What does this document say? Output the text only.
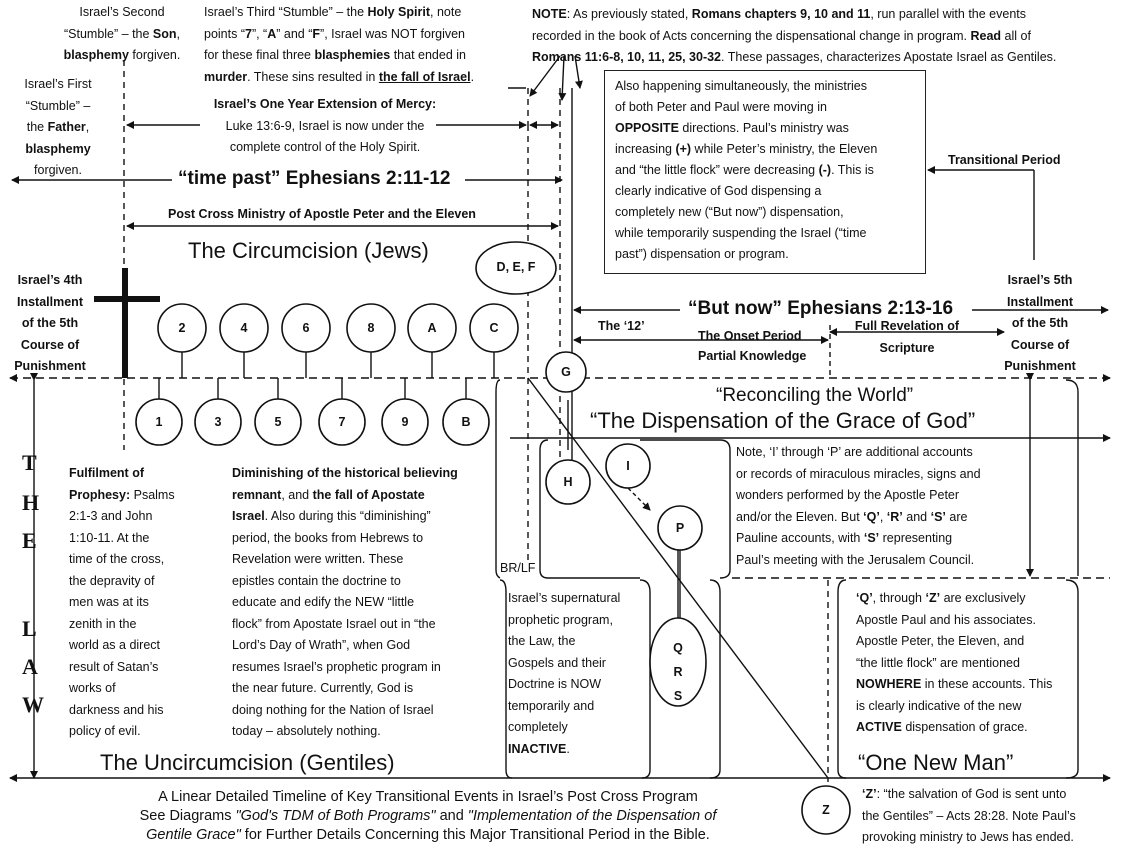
Israel’s Second
“Stumble” – the Son,
blasphemy forgiven.
Israel’s First
“Stumble” –
the Father,
blasphemy
forgiven.
Israel’s Third “Stumble” – the Holy Spirit, note
points “7”, “A” and “F”, Israel was NOT forgiven
for these final three blasphemies that ended in
murder. These sins resulted in the fall of Israel.
Israel’s One Year Extension of Mercy:
Luke 13:6-9, Israel is now under the
complete control of the Holy Spirit.
NOTE: As previously stated, Romans chapters 9, 10 and 11, run parallel with the events
recorded in the book of Acts concerning the dispensational change in program. Read all of
Romans 11:6-8, 10, 11, 25, 30-32. These passages, characterizes Apostate Israel as Gentiles.
Also happening simultaneously, the ministries
of both Peter and Paul were moving in
OPPOSITE directions. Paul’s ministry was
increasing (+) while Peter’s ministry, the Eleven
and “the little flock” were decreasing (-). This is
clearly indicative of God dispensing a
completely new (“But now”) dispensation,
while temporarily suspending the Israel (“time
past”) dispensation or program.
Transitional Period
“time past” Ephesians 2:11-12
Post Cross Ministry of Apostle Peter and the Eleven
The Circumcision (Jews)
D, E, F
Israel’s 4th
Installment
of the 5th
Course of
Punishment
Israel’s 5th
Installment
of the 5th
Course of
Punishment
“But now” Ephesians 2:13-16
The ‘12’
The Onset Period
Partial Knowledge
Full Revelation of
Scripture
2	4	6	8	A	C
1	3	5	7	9	B
G
“Reconciling the World”
“The Dispensation of the Grace of God”
T
H
E
L
A
W
Fulfilment of
Prophesy: Psalms
2:1-3 and John
1:10-11. At the
time of the cross,
the depravity of
men was at its
zenith in the
world as a direct
result of Satan’s
works of
darkness and his
policy of evil.
Diminishing of the historical believing
remnant, and the fall of Apostate
Israel. Also during this “diminishing”
period, the books from Hebrews to
Revelation were written. These
epistles contain the doctrine to
educate and edify the NEW “little
flock” from Apostate Israel out in “the
Lord’s Day of Wrath”, when God
resumes Israel’s prophetic program in
the near future. Currently, God is
doing nothing for the Nation of Israel
today – absolutely nothing.
H
I
P
Q
R
S
Z
BR/LF
Note, ‘I’ through ‘P’ are additional accounts
or records of miraculous miracles, signs and
wonders performed by the Apostle Peter
and/or the Eleven. But ‘Q’, ‘R’ and ‘S’ are
Pauline accounts, with ‘S’ representing
Paul’s meeting with the Jerusalem Council.
Israel’s supernatural
prophetic program,
the Law, the
Gospels and their
Doctrine is NOW
temporarily and
completely
INACTIVE.
‘Q’, through ‘Z’ are exclusively
Apostle Paul and his associates.
Apostle Peter, the Eleven, and
“the little flock” are mentioned
NOWHERE in these accounts. This
is clearly indicative of the new
ACTIVE dispensation of grace.
The Uncircumcision (Gentiles)	“One New Man”
A Linear Detailed Timeline of Key Transitional Events in Israel’s Post Cross Program
See Diagrams "God's TDM of Both Programs" and "Implementation of the Dispensation of
Gentile Grace" for Further Details Concerning this Major Transitional Period in the Bible.
‘Z’: “the salvation of God is sent unto
the Gentiles” – Acts 28:28. Note Paul’s
provoking ministry to Jews has ended.
